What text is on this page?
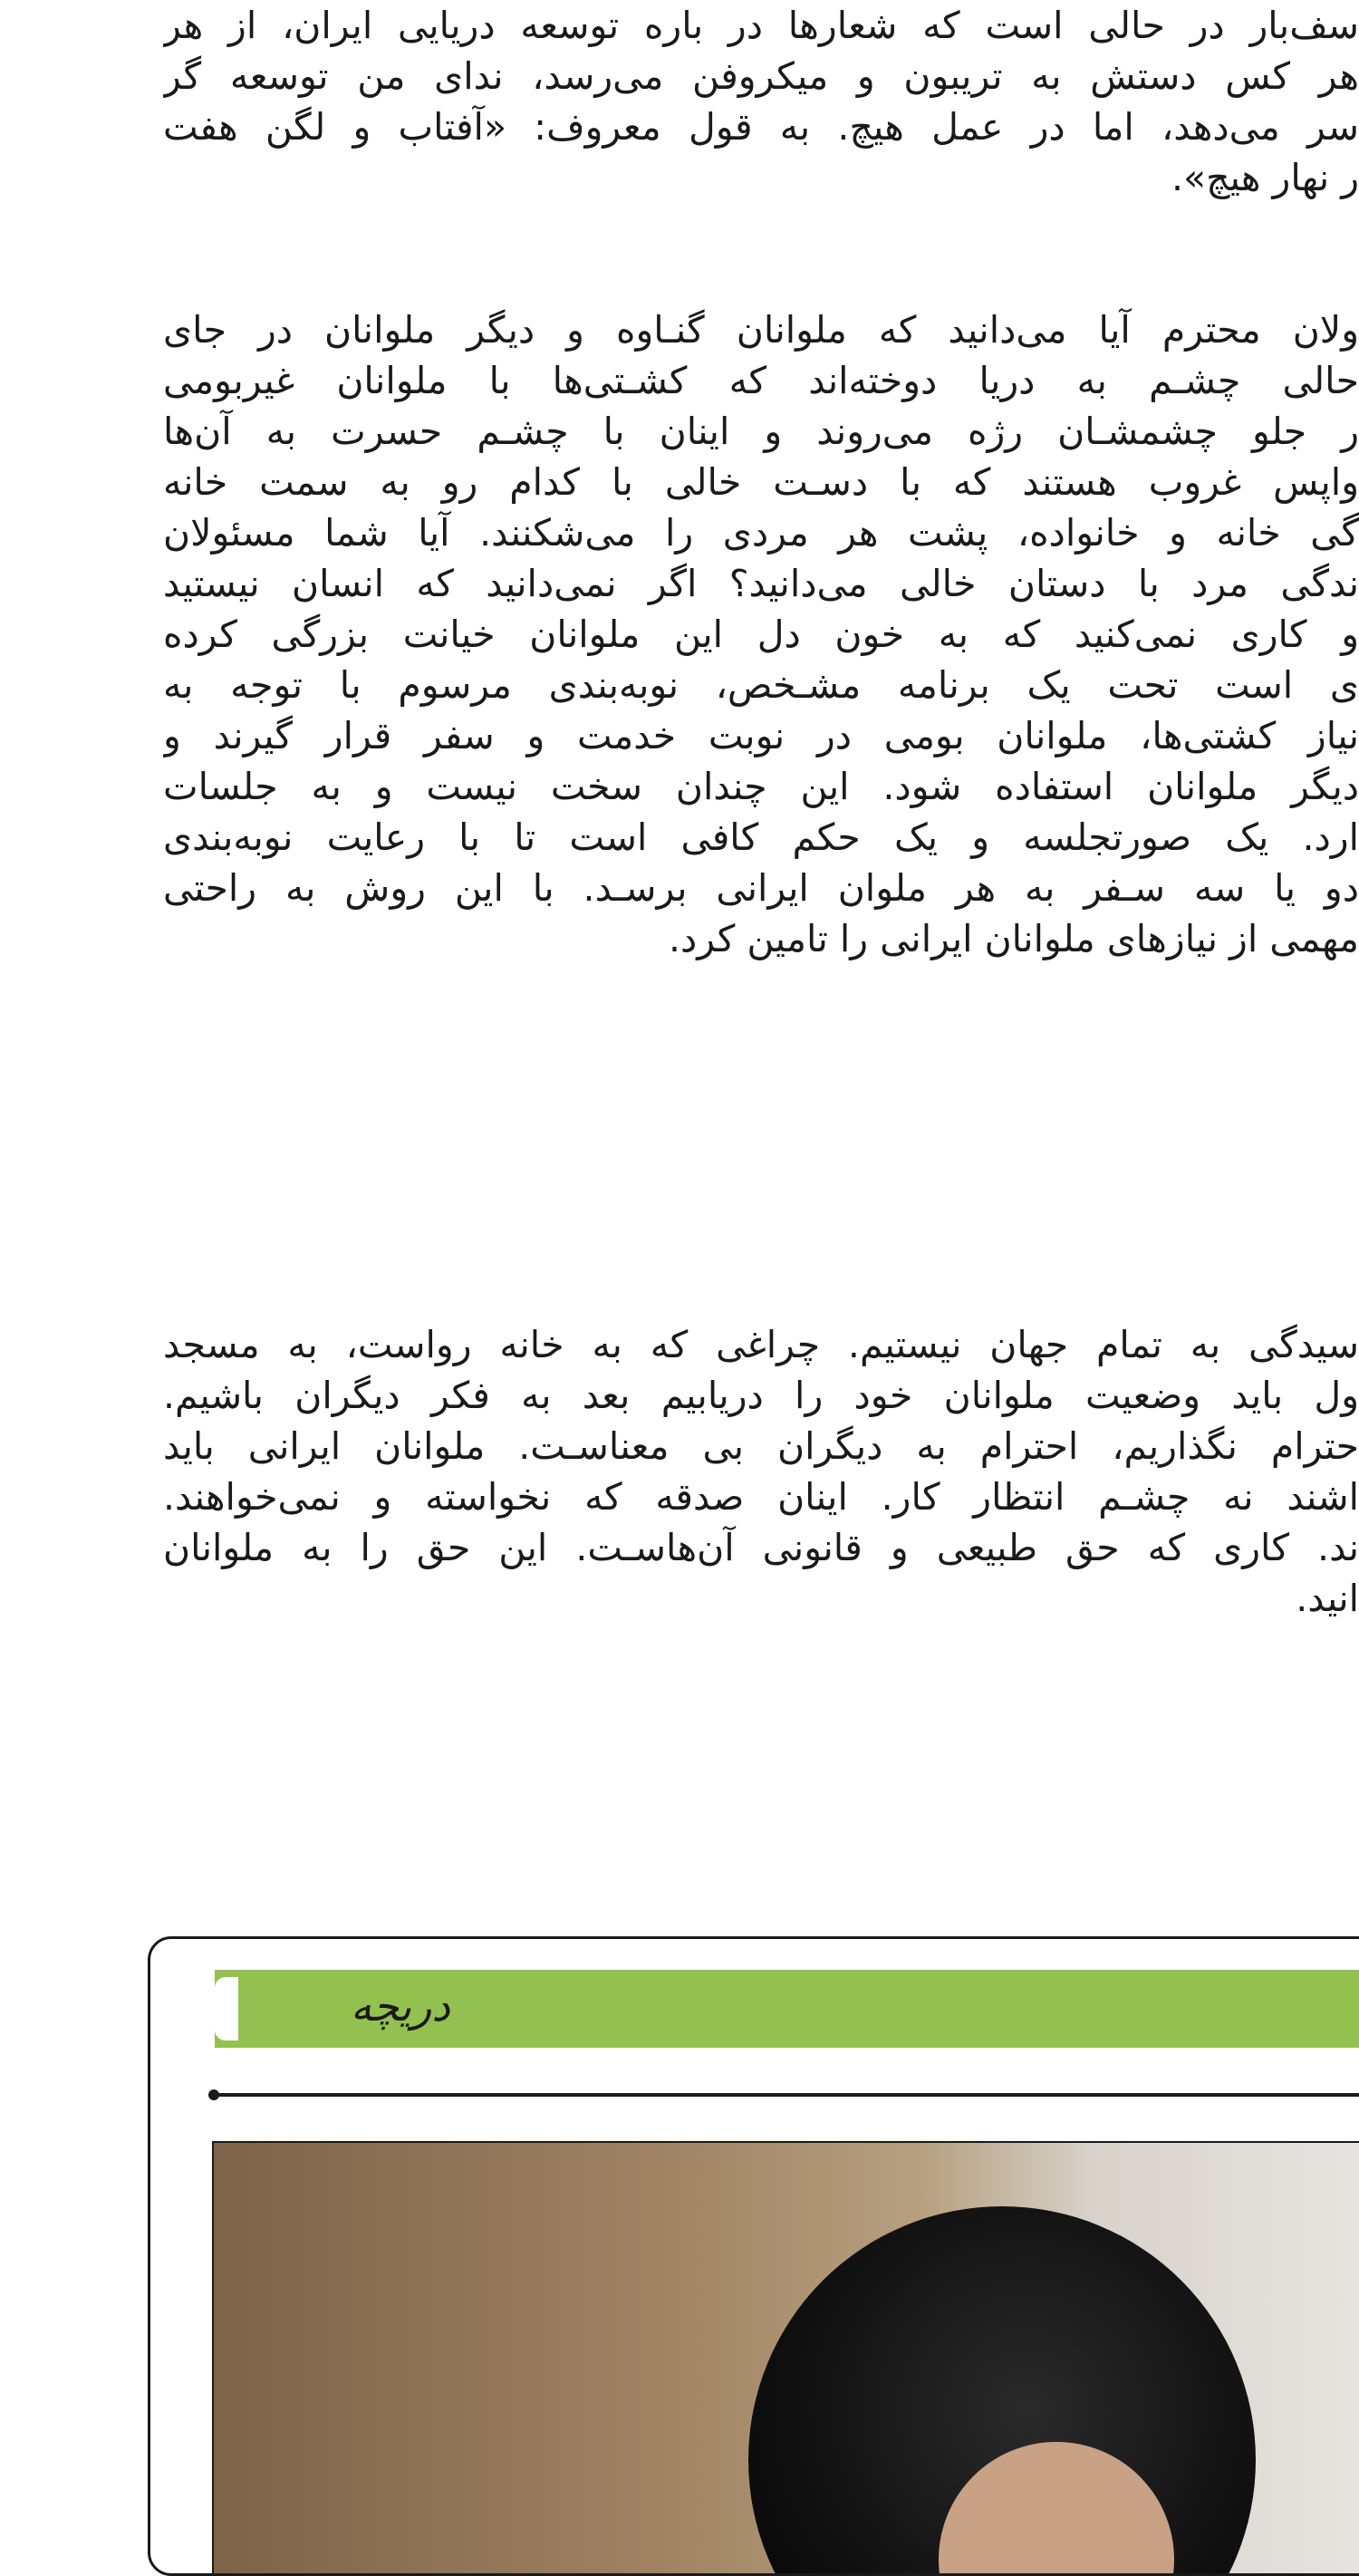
سف‌بار در حالی است که شعارها در باره توسعه دریایی ایران، از هر
هر کس دستش به تریبون و میکروفن می‌رسد، ندای من توسعه گر
سر می‌دهد، اما در عمل هیچ. به قول معروف: «آفتاب و لگن هفت
ر نهار هیچ».
ولان محترم آیا می‌دانید که ملوانان گنـاوه و دیگر ملوانان در جای
حالی چشـم به دریا دوخته‌اند که کشـتی‌ها با ملوانان غیربومی
ر جلو چشمشـان رژه می‌روند و اینان با چشـم حسرت به آن‌ها
واپس غروب هستند که با دسـت خالی با کدام رو به سمت خانه
گی خانه و خانواده، پشت هر مردی را می‌شکنند. آیا شما مسئولان
ندگی مرد با دستان خالی می‌دانید؟ اگر نمی‌دانید که انسان نیستید
و کاری نمی‌کنید که به خون دل این ملوانان خیانت بزرگی کرده
ی است تحت یک برنامه مشـخص، نوبه‌بندی مرسوم با توجه به
نیاز کشتی‌ها، ملوانان بومی در نوبت خدمت و سفر قرار گیرند و
دیگر ملوانان استفاده شود. این چندان سخت نیست و به جلسات
ارد. یک صورتجلسه و یک حکم کافی است تا با رعایت نوبه‌بندی
دو یا سه سـفر به هر ملوان ایرانی برسـد. با این روش به راحتی
مهمی از نیازهای ملوانان ایرانی را تامین کرد.
سیدگی به تمام جهان نیستیم. چراغی که به خانه رواست، به مسجد
ول باید وضعیت ملوانان خود را دریابیم بعد به فکر دیگران باشیم.
حترام نگذاریم، احترام به دیگران بی معناسـت. ملوانان ایرانی باید
اشند نه چشـم انتظار کار. اینان صدقه که نخواسته و نمی‌خواهند.
ند. کاری که حق طبیعی و قانونی آن‌هاسـت. این حق را به ملوانان
انید.
دریچه
